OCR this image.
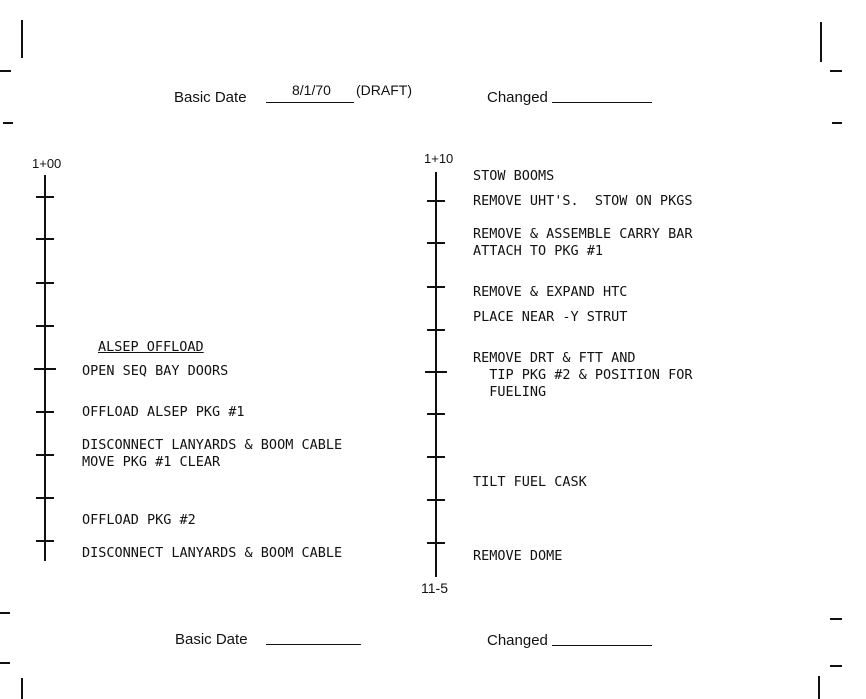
Basic Date	8/1/70 (DRAFT)	Changed
1+00
ALSEP OFFLOAD
OPEN SEQ BAY DOORS
OFFLOAD ALSEP PKG #1
DISCONNECT LANYARDS & BOOM CABLE
MOVE PKG #1 CLEAR
OFFLOAD PKG #2
DISCONNECT LANYARDS & BOOM CABLE
1+10
STOW BOOMS
REMOVE UHT'S.  STOW ON PKGS
REMOVE & ASSEMBLE CARRY BAR
ATTACH TO PKG #1
REMOVE & EXPAND HTC
PLACE NEAR -Y STRUT
REMOVE DRT & FTT AND
TIP PKG #2 & POSITION FOR
FUELING
TILT FUEL CASK
REMOVE DOME
11-5
Basic Date	Changed
